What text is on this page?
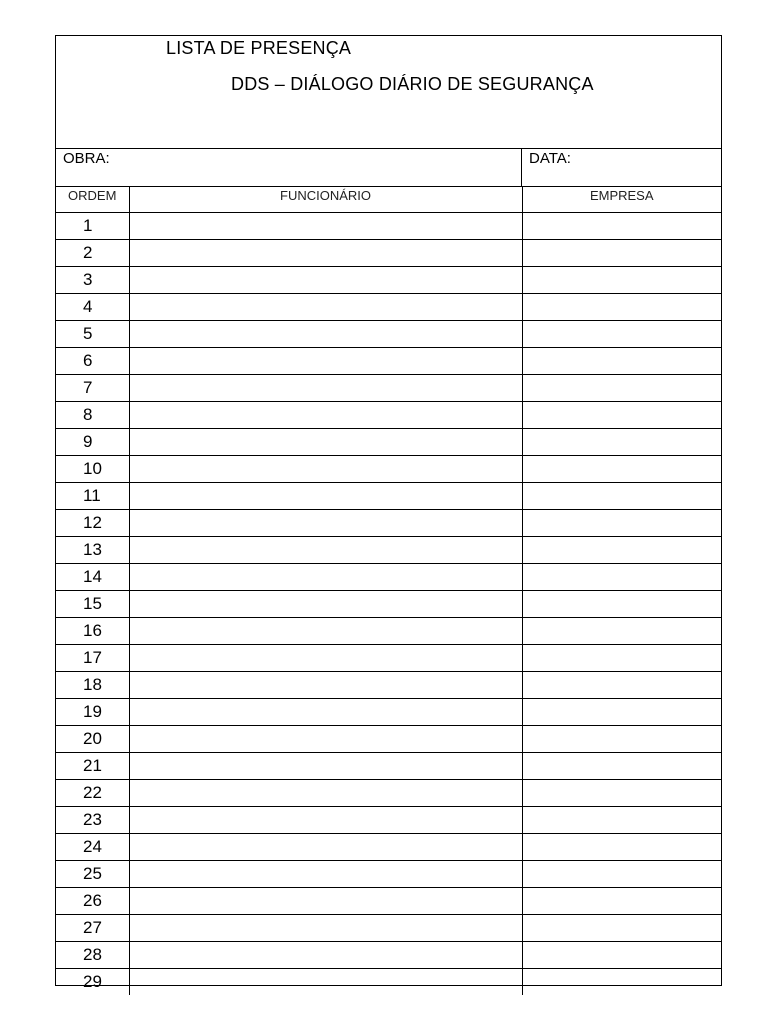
LISTA DE PRESENÇA
DDS – DIÁLOGO DIÁRIO DE SEGURANÇA
OBRA:	DATA:
ORDEM	FUNCIONÁRIO	EMPRESA
1		
2		
3		
4		
5		
6		
7		
8		
9		
10		
11		
12		
13		
14		
15		
16		
17		
18		
19		
20		
21		
22		
23		
24		
25		
26		
27		
28		
29		
